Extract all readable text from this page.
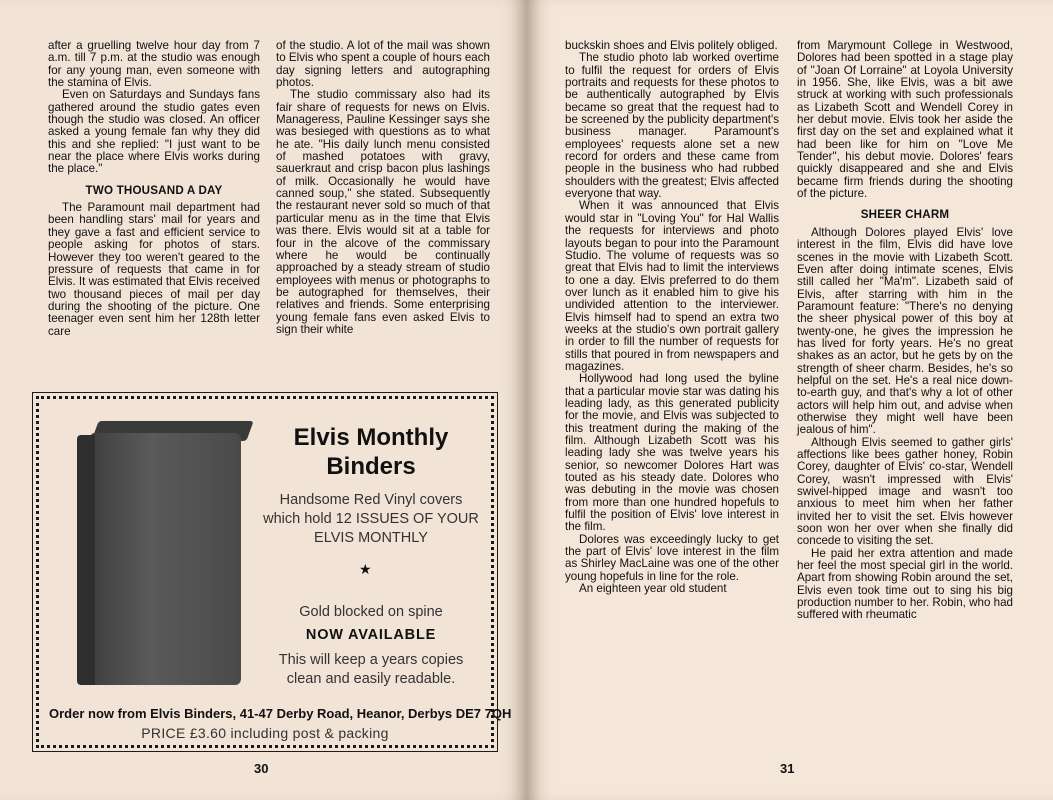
after a gruelling twelve hour day from 7 a.m. till 7 p.m. at the studio was enough for any young man, even someone with the stamina of Elvis.

Even on Saturdays and Sundays fans gathered around the studio gates even though the studio was closed. An officer asked a young female fan why they did this and she replied: "I just want to be near the place where Elvis works during the place."

TWO THOUSAND A DAY

The Paramount mail department had been handling stars' mail for years and they gave a fast and efficient service to people asking for photos of stars. However they too weren't geared to the pressure of requests that came in for Elvis. It was estimated that Elvis received two thousand pieces of mail per day during the shooting of the picture. One teenager even sent him her 128th letter care

of the studio. A lot of the mail was shown to Elvis who spent a couple of hours each day signing letters and autographing photos.

The studio commissary also had its fair share of requests for news on Elvis. Manageress, Pauline Kessinger says she was besieged with questions as to what he ate. "His daily lunch menu consisted of mashed potatoes with gravy, sauerkraut and crisp bacon plus lashings of milk. Occasionally he would have canned soup," she stated. Subsequently the restaurant never sold so much of that particular menu as in the time that Elvis was there. Elvis would sit at a table for four in the alcove of the commissary where he would be continually approached by a steady stream of studio employees with menus or photographs to be autographed for themselves, their relatives and friends. Some enterprising young female fans even asked Elvis to sign their white

Elvis Monthly
Binders
Handsome Red Vinyl covers which hold 12 ISSUES OF YOUR ELVIS MONTHLY
★
Gold blocked on spine
NOW AVAILABLE
This will keep a years copies clean and easily readable.
Order now from Elvis Binders, 41-47 Derby Road, Heanor, Derbys DE7 7QH
PRICE £3.60 including post & packing
30

buckskin shoes and Elvis politely obliged.

The studio photo lab worked overtime to fulfil the request for orders of Elvis portraits and requests for these photos to be authentically autographed by Elvis became so great that the request had to be screened by the publicity department's business manager. Paramount's employees' requests alone set a new record for orders and these came from people in the business who had rubbed shoulders with the greatest; Elvis affected everyone that way.

When it was announced that Elvis would star in "Loving You" for Hal Wallis the requests for interviews and photo layouts began to pour into the Paramount Studio. The volume of requests was so great that Elvis had to limit the interviews to one a day. Elvis preferred to do them over lunch as it enabled him to give his undivided attention to the interviewer. Elvis himself had to spend an extra two weeks at the studio's own portrait gallery in order to fill the number of requests for stills that poured in from newspapers and magazines.

Hollywood had long used the byline that a particular movie star was dating his leading lady, as this generated publicity for the movie, and Elvis was subjected to this treatment during the making of the film. Although Lizabeth Scott was his leading lady she was twelve years his senior, so newcomer Dolores Hart was touted as his steady date. Dolores who was debuting in the movie was chosen from more than one hundred hopefuls to fulfil the position of Elvis' love interest in the film.

Dolores was exceedingly lucky to get the part of Elvis' love interest in the film as Shirley MacLaine was one of the other young hopefuls in line for the role.

An eighteen year old student

from Marymount College in Westwood, Dolores had been spotted in a stage play of "Joan Of Lorraine" at Loyola University in 1956. She, like Elvis, was a bit awe struck at working with such professionals as Lizabeth Scott and Wendell Corey in her debut movie. Elvis took her aside the first day on the set and explained what it had been like for him on "Love Me Tender", his debut movie. Dolores' fears quickly disappeared and she and Elvis became firm friends during the shooting of the picture.

SHEER CHARM

Although Dolores played Elvis' love interest in the film, Elvis did have love scenes in the movie with Lizabeth Scott. Even after doing intimate scenes, Elvis still called her "Ma'm". Lizabeth said of Elvis, after starring with him in the Paramount feature: "There's no denying the sheer physical power of this boy at twenty-one, he gives the impression he has lived for forty years. He's no great shakes as an actor, but he gets by on the strength of sheer charm. Besides, he's so helpful on the set. He's a real nice down-to-earth guy, and that's why a lot of other actors will help him out, and advise when otherwise they might well have been jealous of him".

Although Elvis seemed to gather girls' affections like bees gather honey, Robin Corey, daughter of Elvis' co-star, Wendell Corey, wasn't impressed with Elvis' swivel-hipped image and wasn't too anxious to meet him when her father invited her to visit the set. Elvis however soon won her over when she finally did concede to visiting the set.

He paid her extra attention and made her feel the most special girl in the world. Apart from showing Robin around the set, Elvis even took time out to sing his big production number to her. Robin, who had suffered with rheumatic

31
